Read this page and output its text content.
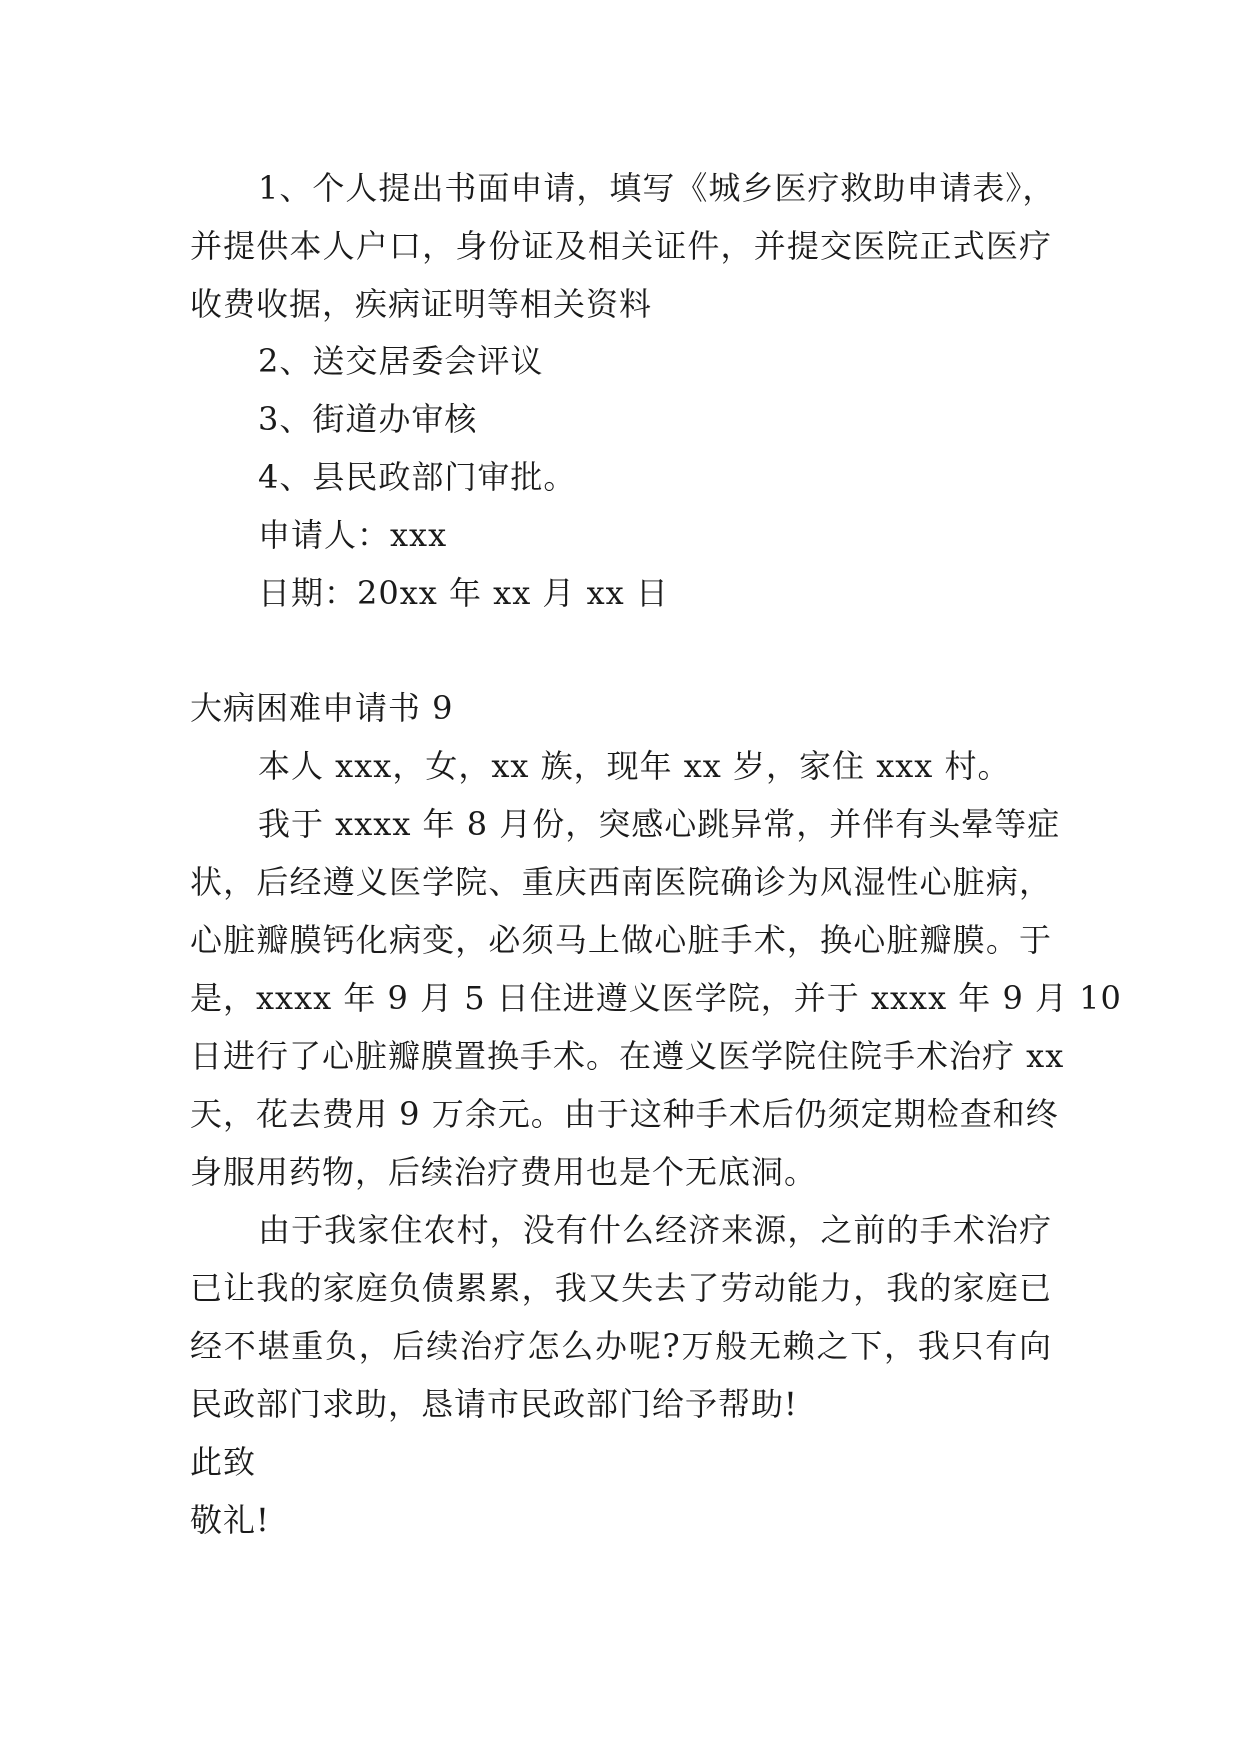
1、个人提出书面申请，填写《城乡医疗救助申请表》，
并提供本人户口，身份证及相关证件，并提交医院正式医疗
收费收据，疾病证明等相关资料
2、送交居委会评议
3、街道办审核
4、县民政部门审批。
申请人：xxx
日期：20xx 年 xx 月 xx 日
大病困难申请书 9
本人 xxx，女，xx 族，现年 xx 岁，家住 xxx 村。
我于 xxxx 年 8 月份，突感心跳异常，并伴有头晕等症
状，后经遵义医学院、重庆西南医院确诊为风湿性心脏病，
心脏瓣膜钙化病变，必须马上做心脏手术，换心脏瓣膜。于
是，xxxx 年 9 月 5 日住进遵义医学院，并于 xxxx 年 9 月 10
日进行了心脏瓣膜置换手术。在遵义医学院住院手术治疗 xx
天，花去费用 9 万余元。由于这种手术后仍须定期检查和终
身服用药物，后续治疗费用也是个无底洞。
由于我家住农村，没有什么经济来源，之前的手术治疗
已让我的家庭负债累累，我又失去了劳动能力，我的家庭已
经不堪重负，后续治疗怎么办呢?万般无赖之下，我只有向
民政部门求助，恳请市民政部门给予帮助!
此致
敬礼!
